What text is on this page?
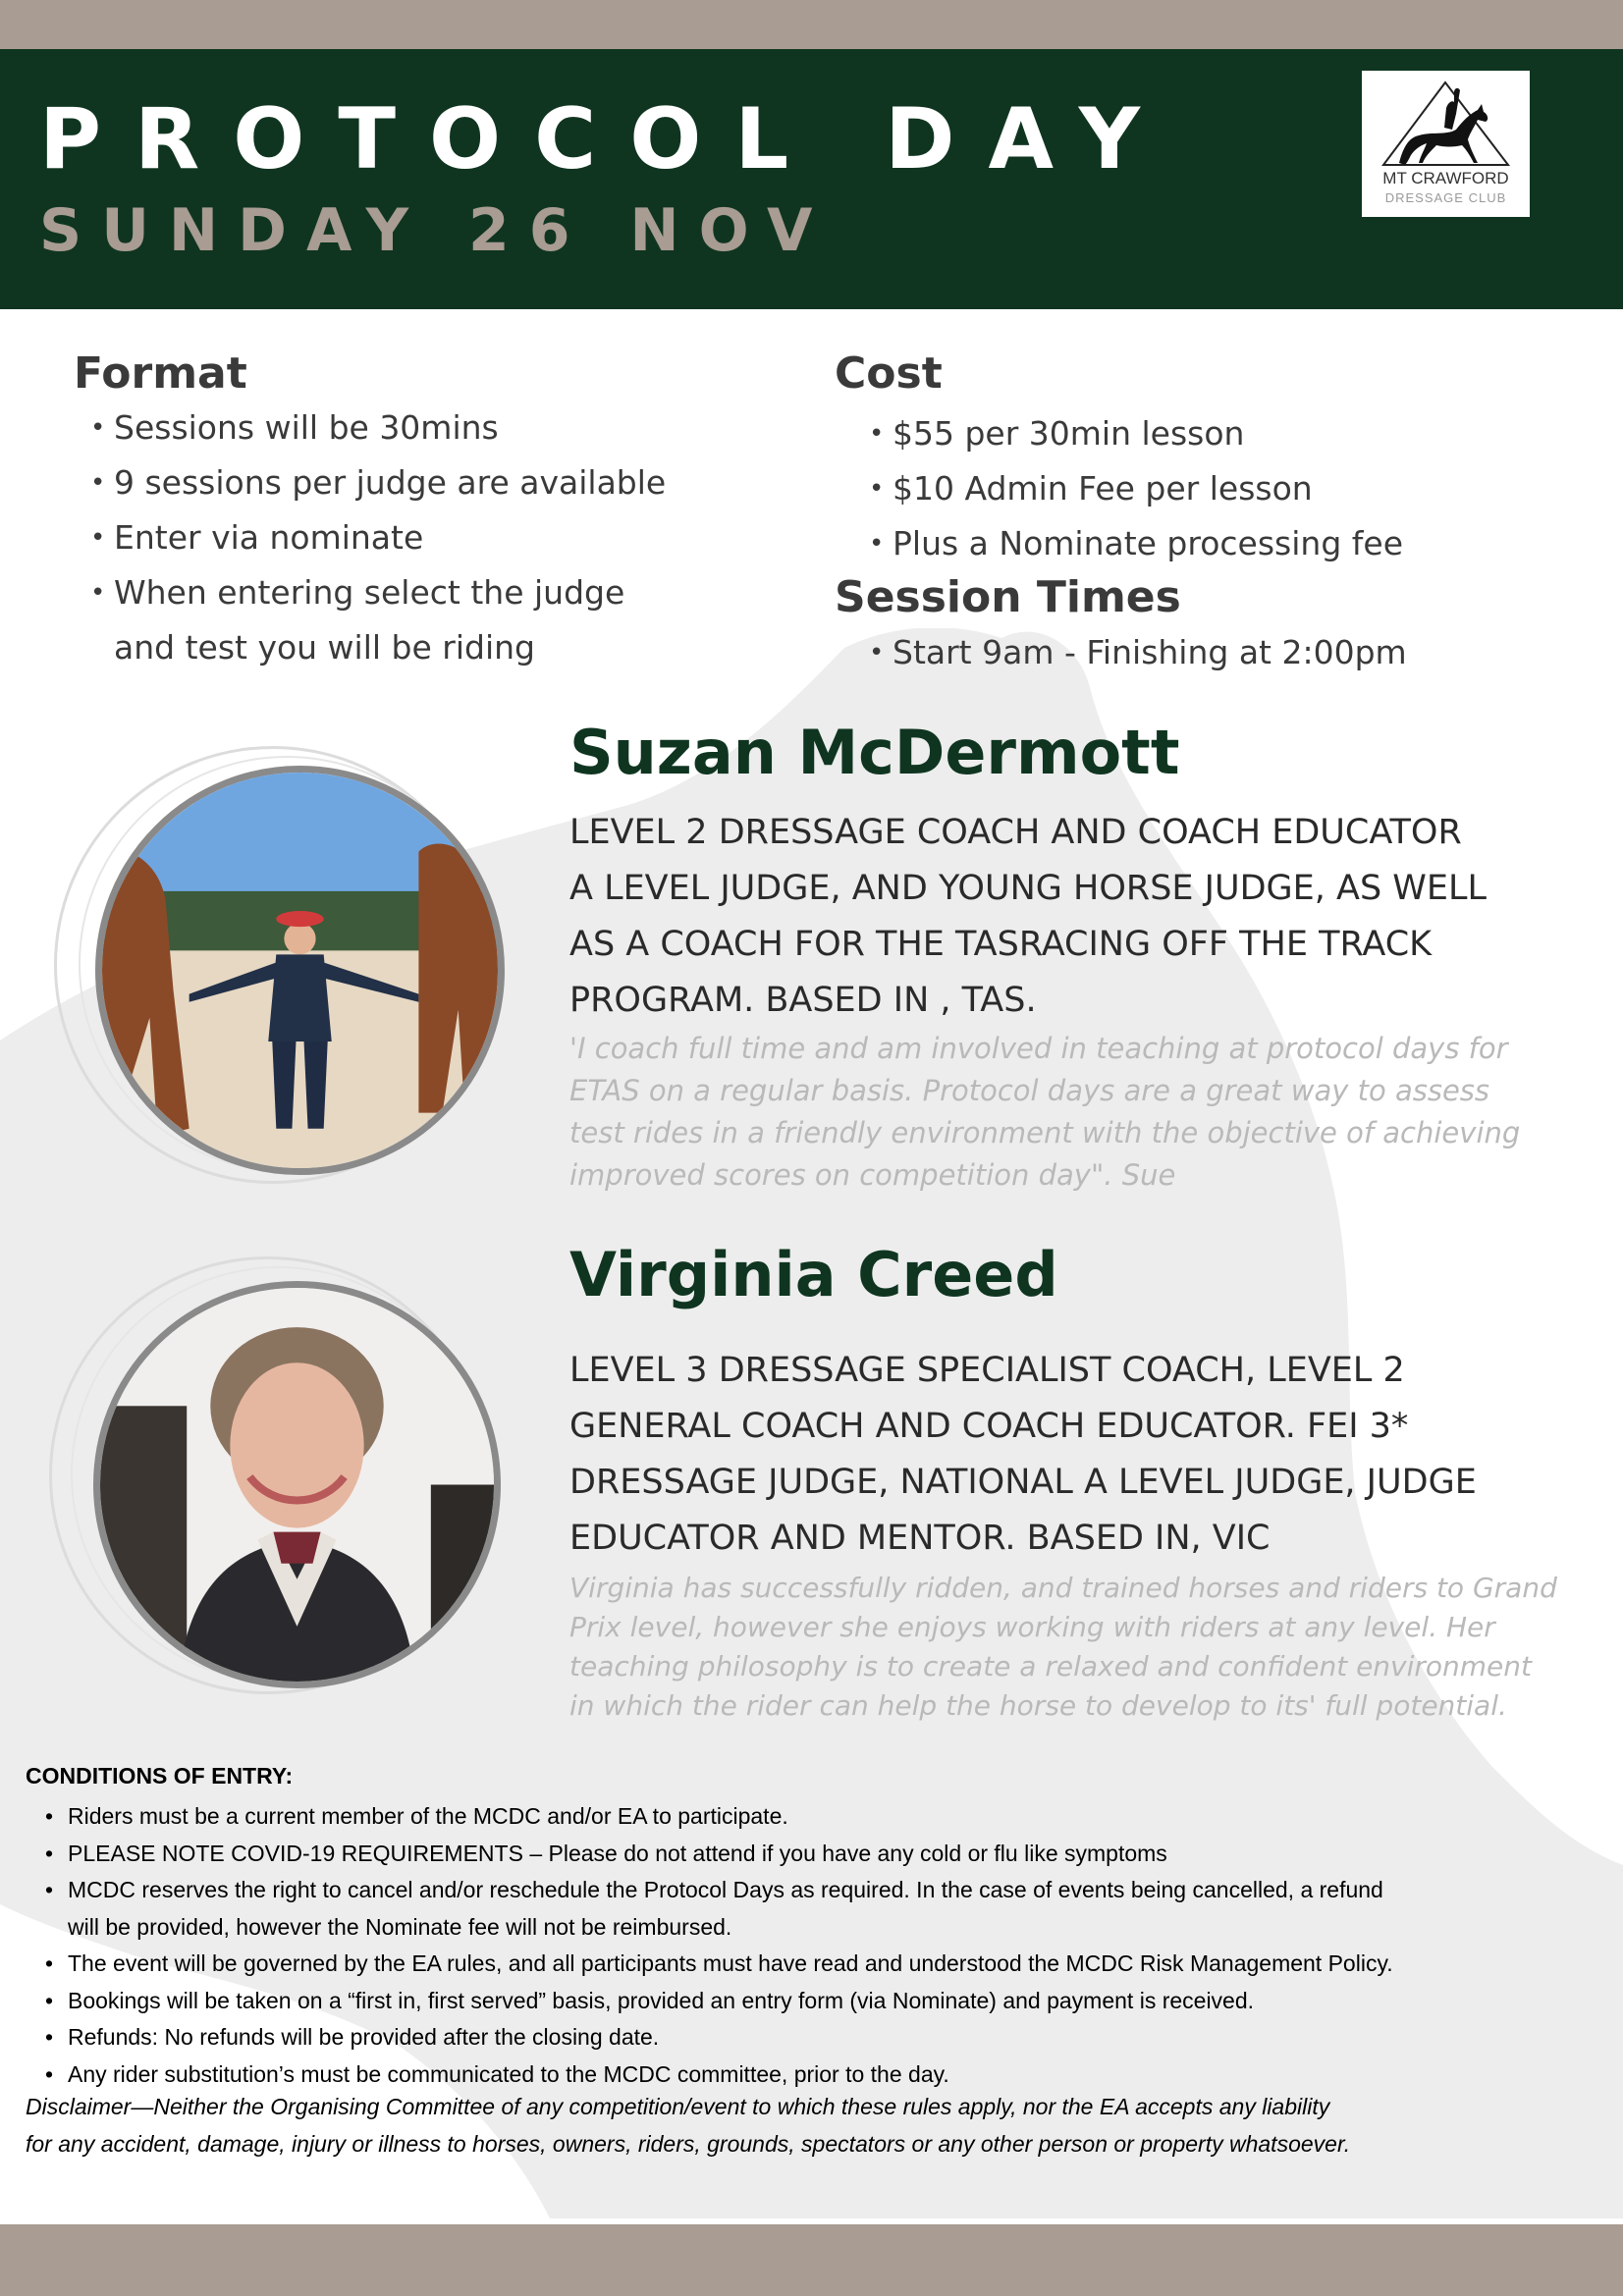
PROTOCOL DAY
SUNDAY 26 NOV
MT CRAWFORD
DRESSAGE CLUB
Format
• Sessions will be 30mins
• 9 sessions per judge are available
• Enter via nominate
• When entering select the judge
and test you will be riding
Cost
• $55 per 30min lesson
• $10 Admin Fee per lesson
• Plus a Nominate processing fee
Session Times
• Start 9am - Finishing at 2:00pm
Suzan McDermott
LEVEL 2 DRESSAGE COACH AND COACH EDUCATOR
A LEVEL JUDGE, AND YOUNG HORSE JUDGE, AS WELL
AS A COACH FOR THE TASRACING OFF THE TRACK
PROGRAM. BASED IN , TAS.
'I coach full time and am involved in teaching at protocol days for
ETAS on a regular basis. Protocol days are a great way to assess
test rides in a friendly environment with the objective of achieving
improved scores on competition day". Sue
Virginia Creed
LEVEL 3 DRESSAGE SPECIALIST COACH, LEVEL 2
GENERAL COACH AND COACH EDUCATOR. FEI 3*
DRESSAGE JUDGE, NATIONAL A LEVEL JUDGE, JUDGE
EDUCATOR AND MENTOR. BASED IN, VIC
Virginia has successfully ridden, and trained horses and riders to Grand
Prix level, however she enjoys working with riders at any level. Her
teaching philosophy is to create a relaxed and confident environment
in which the rider can help the horse to develop to its' full potential.
CONDITIONS OF ENTRY:
• Riders must be a current member of the MCDC and/or EA to participate.
• PLEASE NOTE COVID-19 REQUIREMENTS – Please do not attend if you have any cold or flu like symptoms
• MCDC reserves the right to cancel and/or reschedule the Protocol Days as required. In the case of events being cancelled, a refund
will be provided, however the Nominate fee will not be reimbursed.
• The event will be governed by the EA rules, and all participants must have read and understood the MCDC Risk Management Policy.
• Bookings will be taken on a “first in, first served” basis, provided an entry form (via Nominate) and payment is received.
• Refunds: No refunds will be provided after the closing date.
• Any rider substitution’s must be communicated to the MCDC committee, prior to the day.
Disclaimer—Neither the Organising Committee of any competition/event to which these rules apply, nor the EA accepts any liability
for any accident, damage, injury or illness to horses, owners, riders, grounds, spectators or any other person or property whatsoever.
